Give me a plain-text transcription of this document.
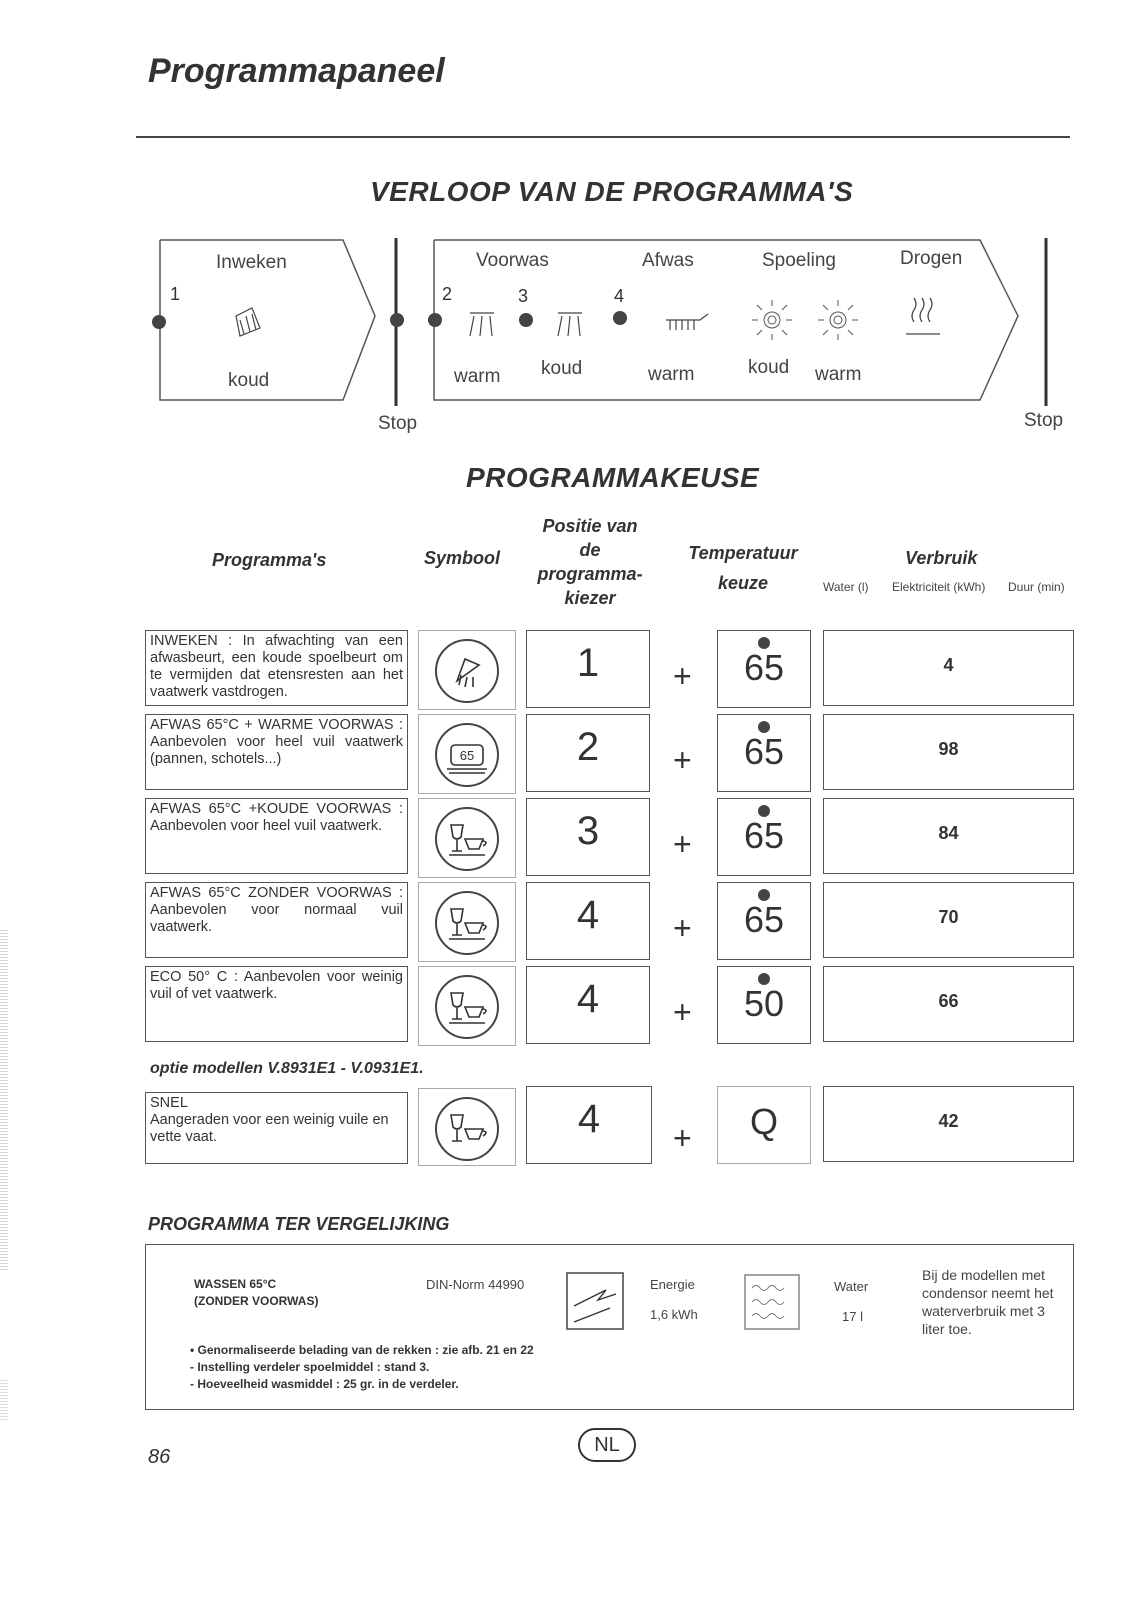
Programmapaneel
VERLOOP VAN DE PROGRAMMA'S
Inweken
1
koud
Voorwas	Afwas	Spoeling	Drogen
2	3	4
warm koud	warm	koud warm
Stop	Stop
PROGRAMMAKEUSE
Programma's	Symbool
Positie van
de
programma-
kiezer
Temperatuur
keuze
Verbruik
Water (l) Elektriciteit (kWh) Duur (min)
INWEKEN : In afwachting van een afwasbeurt, een koude spoelbeurt om te vermijden dat etensresten aan het vaatwerk vastdrogen.
1	+	65	4
AFWAS 65°C + WARME VOORWAS : Aanbevolen voor heel vuil vaatwerk (pannen, schotels...)	65	2	+	65	98
AFWAS 65°C +KOUDE VOORWAS : Aanbevolen voor heel vuil vaatwerk.	3	+	65	84
AFWAS 65°C ZONDER VOORWAS : Aanbevolen voor normaal vuil vaatwerk.	4	+	65	70
ECO 50° C : Aanbevolen voor weinig vuil of vet vaatwerk.	4	+	50	66
optie modellen V.8931E1 - V.0931E1.
SNEL
Aangeraden voor een weinig vuile en vette vaat.	4	+	Q	42
PROGRAMMA TER VERGELIJKING
WASSEN 65°C
(ZONDER VOORWAS)
DIN-Norm 44990	Energie
1,6 kWh
Water
17 l
Bij de modellen met condensor neemt het waterverbruik met 3 liter toe.
• Genormaliseerde belading van de rekken : zie afb. 21 en 22
- Instelling verdeler spoelmiddel : stand 3.
- Hoeveelheid wasmiddel : 25 gr. in de verdeler.
86
NL
